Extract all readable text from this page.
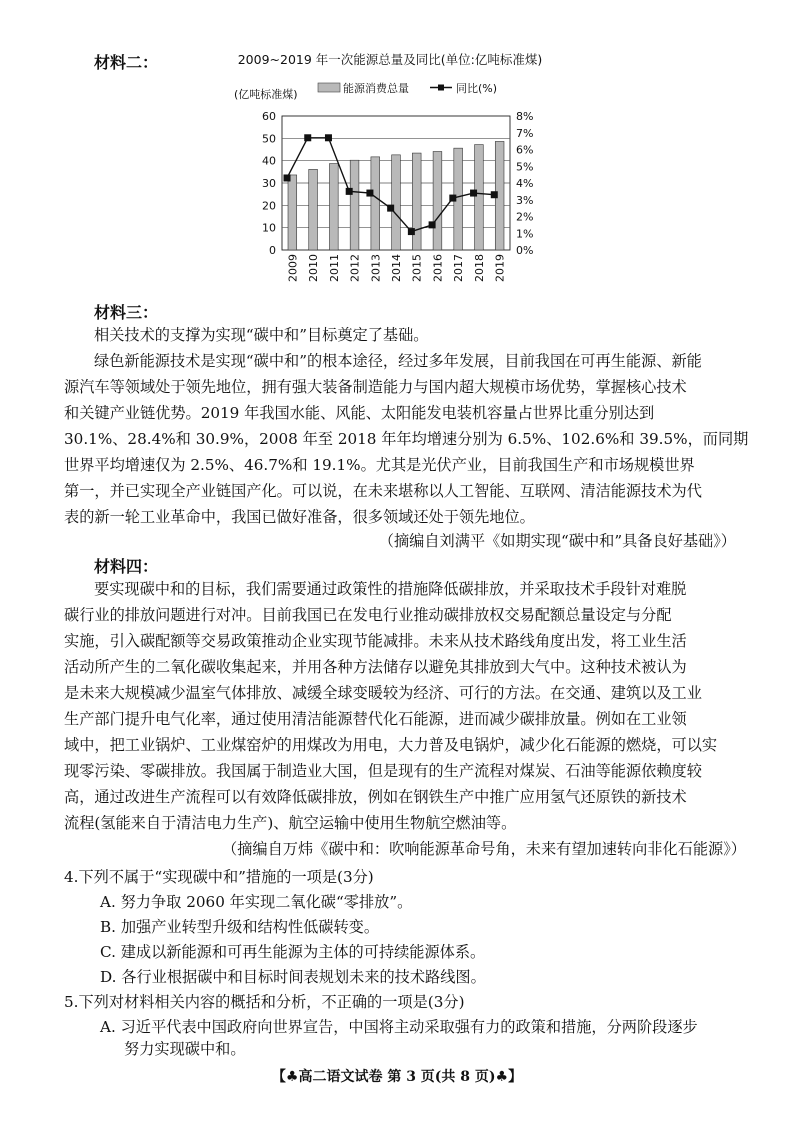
材料二：	2009~2019 年一次能源总量及同比(单位:亿吨标准煤)
(亿吨标准煤)	能源消费总量	同比(%)
0
10
20
30
40
50
60
0%
1%
2%
3%
4%
5%
6%
7%
8%
2009 2010 2011 2012 2013 2014 2015 2016 2017 2018 2019
材料三：
相关技术的支撑为实现“碳中和”目标奠定了基础。
绿色新能源技术是实现“碳中和”的根本途径，经过多年发展，目前我国在可再生能源、新能
源汽车等领域处于领先地位，拥有强大装备制造能力与国内超大规模市场优势，掌握核心技术
和关键产业链优势。2019 年我国水能、风能、太阳能发电装机容量占世界比重分别达到
30.1%、28.4%和 30.9%，2008 年至 2018 年年均增速分别为 6.5%、102.6%和 39.5%，而同期
世界平均增速仅为 2.5%、46.7%和 19.1%。尤其是光伏产业，目前我国生产和市场规模世界
第一，并已实现全产业链国产化。可以说，在未来堪称以人工智能、互联网、清洁能源技术为代
表的新一轮工业革命中，我国已做好准备，很多领域还处于领先地位。
（摘编自刘满平《如期实现“碳中和”具备良好基础》）
材料四：
要实现碳中和的目标，我们需要通过政策性的措施降低碳排放，并采取技术手段针对难脱
碳行业的排放问题进行对冲。目前我国已在发电行业推动碳排放权交易配额总量设定与分配
实施，引入碳配额等交易政策推动企业实现节能减排。未来从技术路线角度出发，将工业生活
活动所产生的二氧化碳收集起来，并用各种方法储存以避免其排放到大气中。这种技术被认为
是未来大规模减少温室气体排放、减缓全球变暖较为经济、可行的方法。在交通、建筑以及工业
生产部门提升电气化率，通过使用清洁能源替代化石能源，进而减少碳排放量。例如在工业领
域中，把工业锅炉、工业煤窑炉的用煤改为用电，大力普及电锅炉，减少化石能源的燃烧，可以实
现零污染、零碳排放。我国属于制造业大国，但是现有的生产流程对煤炭、石油等能源依赖度较
高，通过改进生产流程可以有效降低碳排放，例如在钢铁生产中推广应用氢气还原铁的新技术
流程(氢能来自于清洁电力生产)、航空运输中使用生物航空燃油等。
（摘编自万炜《碳中和：吹响能源革命号角，未来有望加速转向非化石能源》）
4.下列不属于“实现碳中和”措施的一项是(3分)
A. 努力争取 2060 年实现二氧化碳“零排放”。
B. 加强产业转型升级和结构性低碳转变。
C. 建成以新能源和可再生能源为主体的可持续能源体系。
D. 各行业根据碳中和目标时间表规划未来的技术路线图。
5.下列对材料相关内容的概括和分析，不正确的一项是(3分)
A. 习近平代表中国政府向世界宣告，中国将主动采取强有力的政策和措施，分两阶段逐步
努力实现碳中和。
【♣高二语文试卷 第 3 页(共 8 页)♣】
